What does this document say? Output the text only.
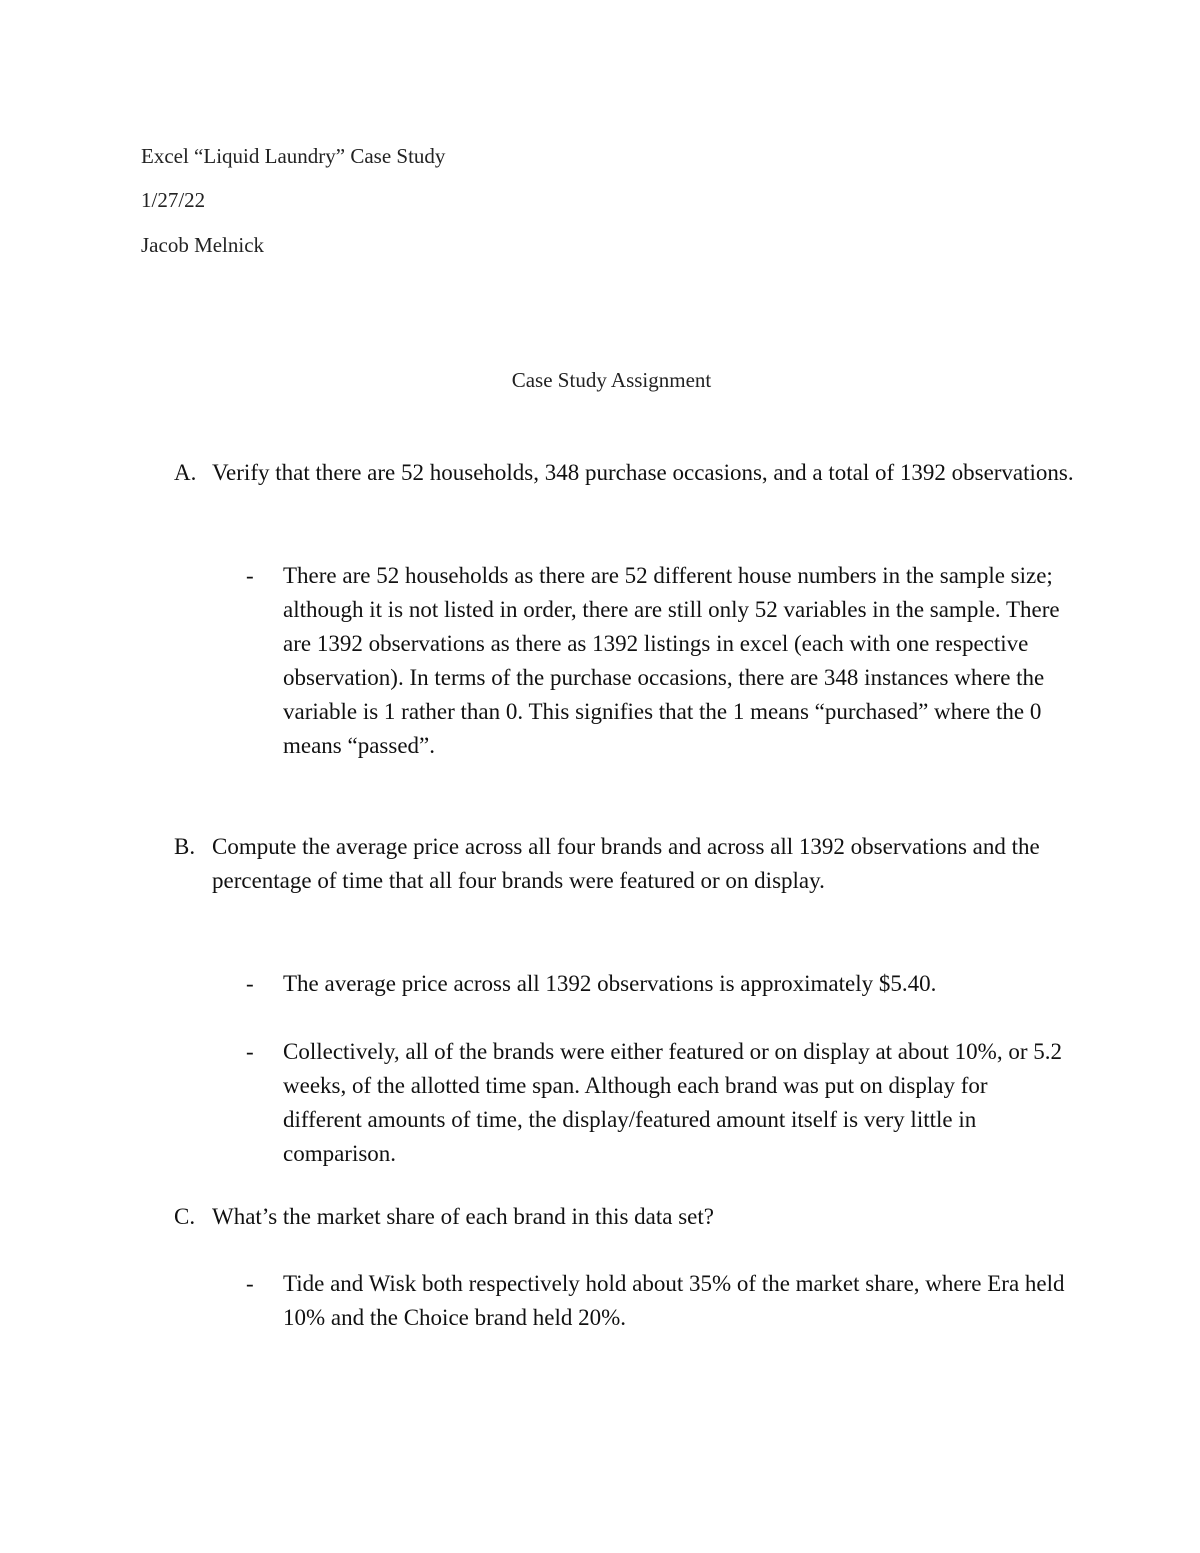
Excel “Liquid Laundry” Case Study
1/27/22
Jacob Melnick
Case Study Assignment
A. Verify that there are 52 households, 348 purchase occasions, and a total of 1392 observations.
-	There are 52 households as there are 52 different house numbers in the sample size; although it is not listed in order, there are still only 52 variables in the sample. There are 1392 observations as there as 1392 listings in excel (each with one respective observation). In terms of the purchase occasions, there are 348 instances where the variable is 1 rather than 0. This signifies that the 1 means “purchased” where the 0 means “passed”.
B. Compute the average price across all four brands and across all 1392 observations and the percentage of time that all four brands were featured or on display.
-	The average price across all 1392 observations is approximately $5.40.
-	Collectively, all of the brands were either featured or on display at about 10%, or 5.2 weeks, of the allotted time span. Although each brand was put on display for different amounts of time, the display/featured amount itself is very little in comparison.
C. What’s the market share of each brand in this data set?
-	Tide and Wisk both respectively hold about 35% of the market share, where Era held 10% and the Choice brand held 20%.
